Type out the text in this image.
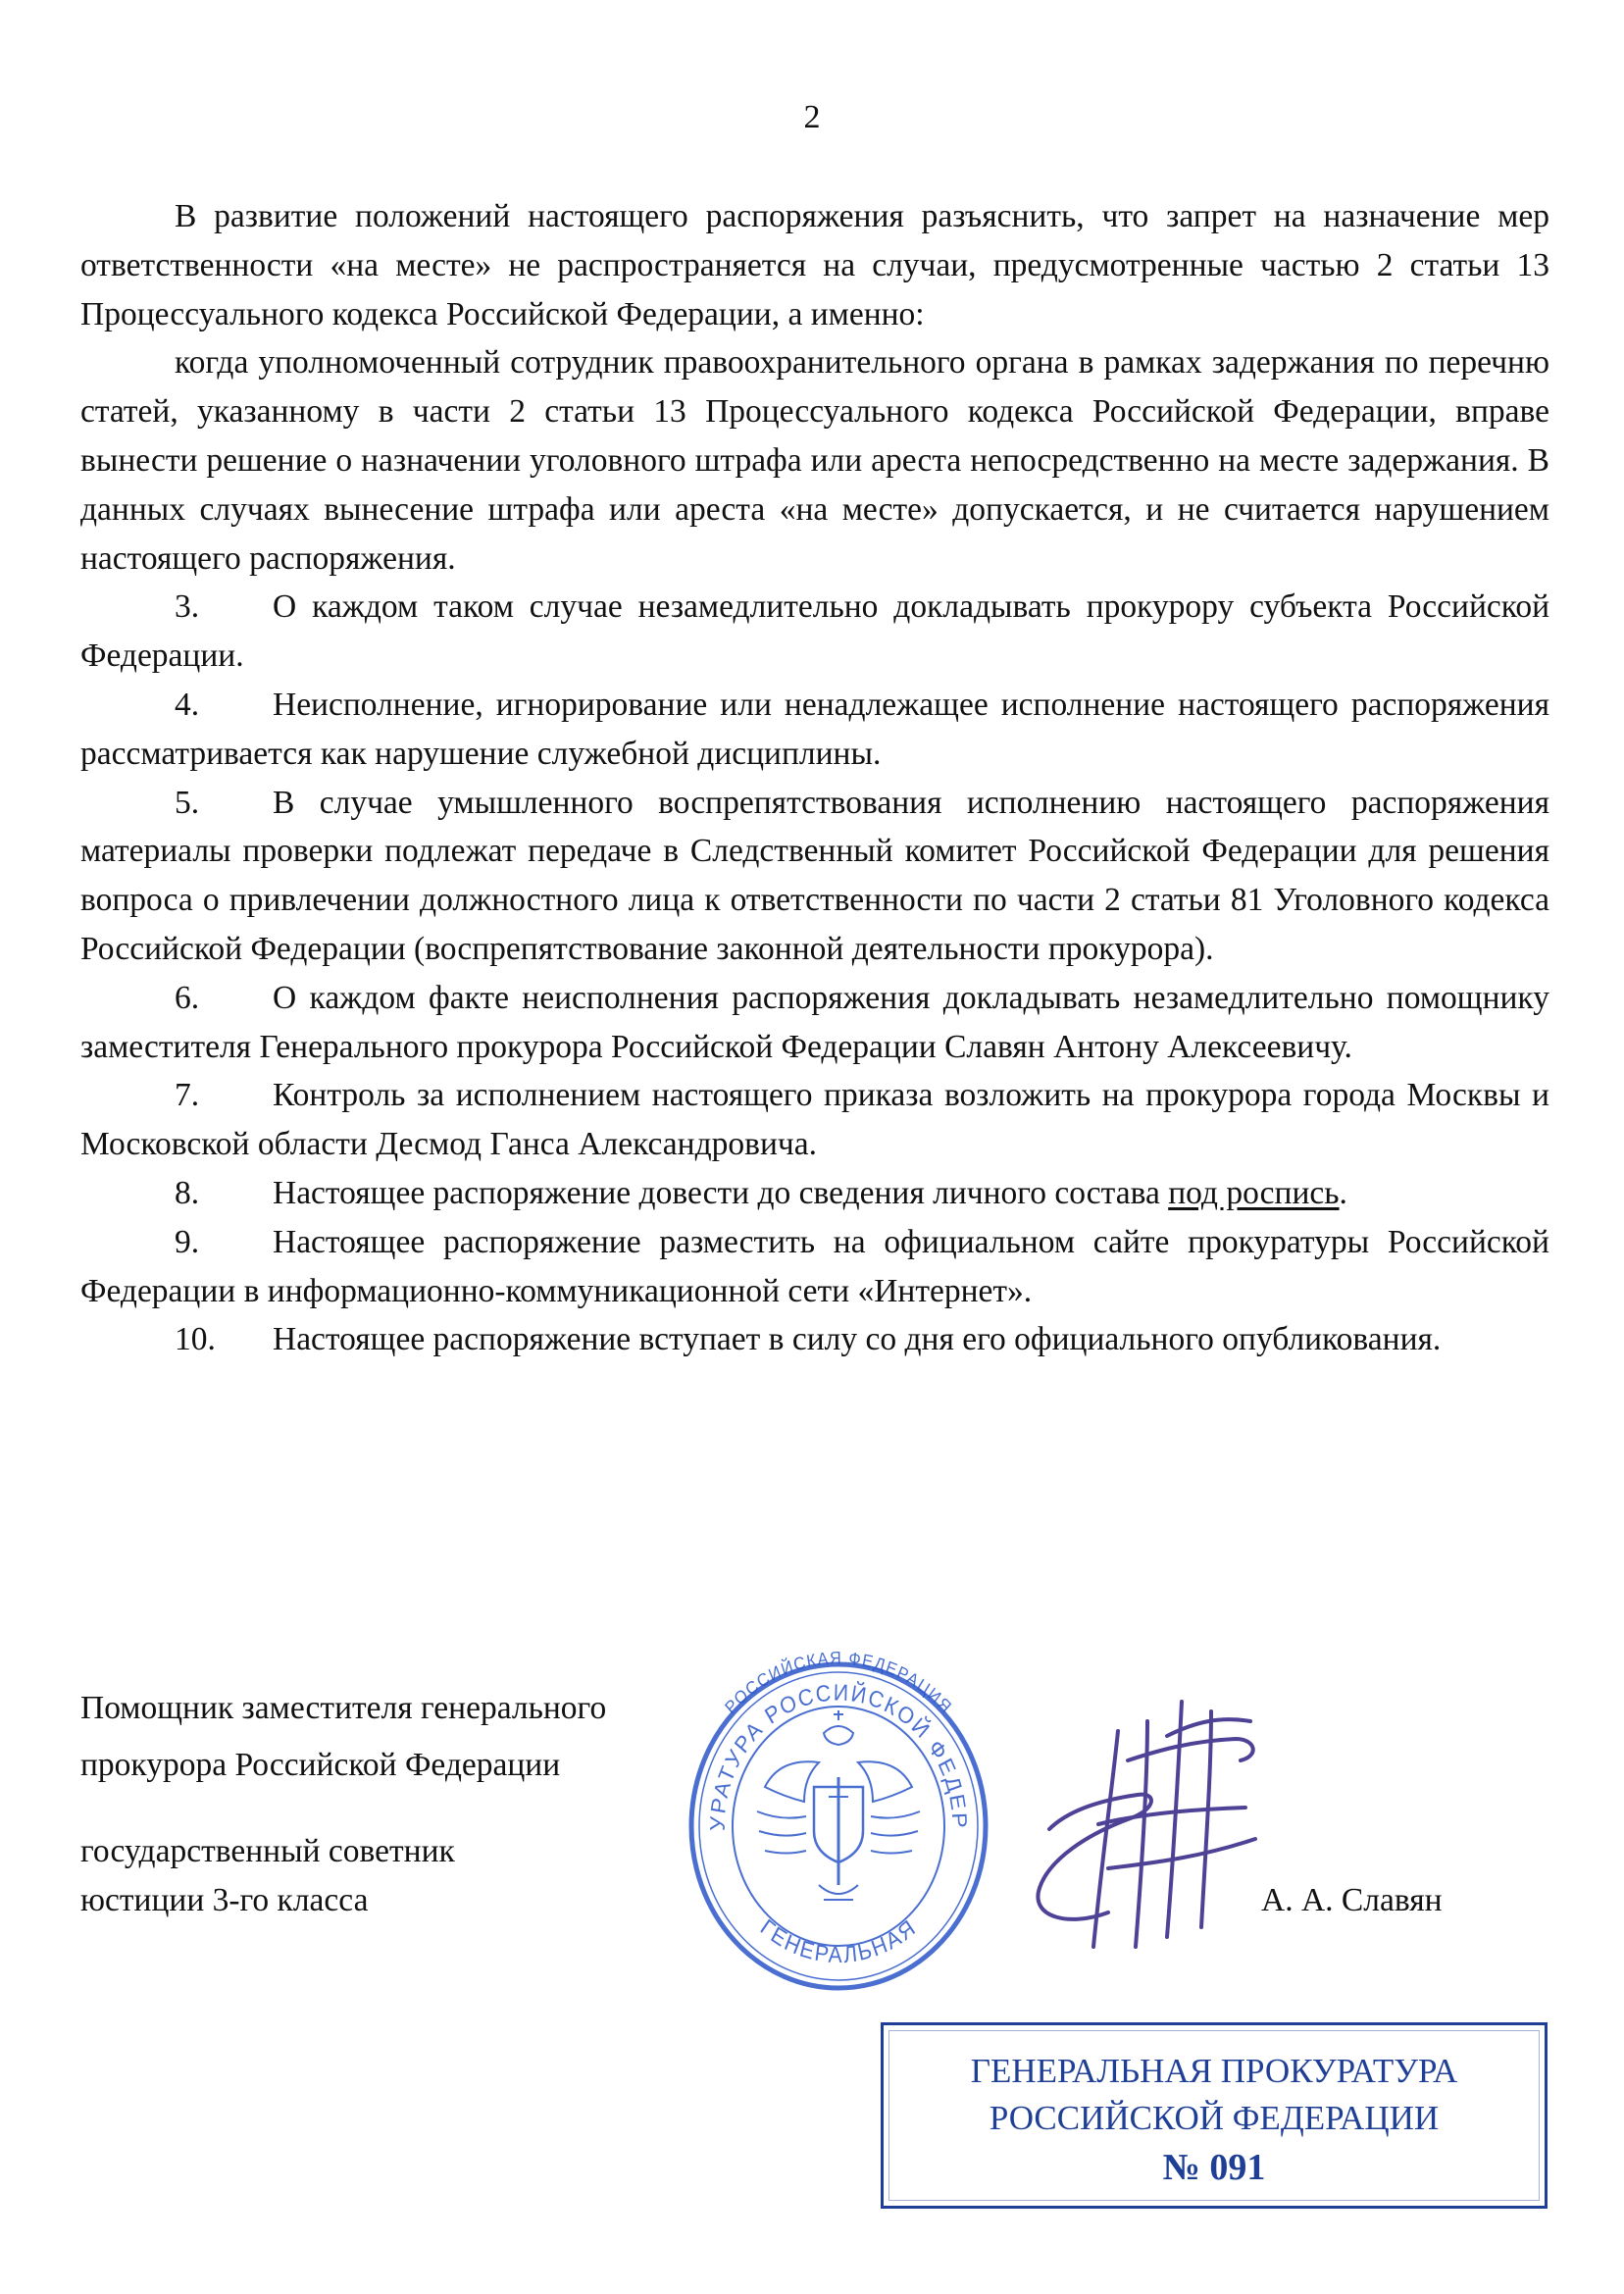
2

В развитие положений настоящего распоряжения разъяснить, что запрет на назначение мер ответственности «на месте» не распространяется на случаи, предусмотренные частью 2 статьи 13 Процессуального кодекса Российской Федерации, а именно:

когда уполномоченный сотрудник правоохранительного органа в рамках задержания по перечню статей, указанному в части 2 статьи 13 Процессуального кодекса Российской Федерации, вправе вынести решение о назначении уголовного штрафа или ареста непосредственно на месте задержания. В данных случаях вынесение штрафа или ареста «на месте» допускается, и не считается нарушением настоящего распоряжения.

3. О каждом таком случае незамедлительно докладывать прокурору субъекта Российской Федерации.

4. Неисполнение, игнорирование или ненадлежащее исполнение настоящего распоряжения рассматривается как нарушение служебной дисциплины.

5. В случае умышленного воспрепятствования исполнению настоящего распоряжения материалы проверки подлежат передаче в Следственный комитет Российской Федерации для решения вопроса о привлечении должностного лица к ответственности по части 2 статьи 81 Уголовного кодекса Российской Федерации (воспрепятствование законной деятельности прокурора).

6. О каждом факте неисполнения распоряжения докладывать незамедлительно помощнику заместителя Генерального прокурора Российской Федерации Славян Антону Алексеевичу.

7. Контроль за исполнением настоящего приказа возложить на прокурора города Москвы и Московской области Десмод Ганса Александровича.

8. Настоящее распоряжение довести до сведения личного состава под роспись.

9. Настоящее распоряжение разместить на официальном сайте прокуратуры Российской Федерации в информационно-коммуникационной сети «Интернет».

10. Настоящее распоряжение вступает в силу со дня его официального опубликования.

Помощник заместителя генерального
прокурора Российской Федерации
государственный советник
юстиции 3-го класса	А. А. Славян
РОССИЙСКАЯ ФЕДЕРАЦИЯ
УРАТУРА РОССИЙСКОЙ ФЕДЕР
ГЕНЕРАЛЬНАЯ
ГЕНЕРАЛЬНАЯ ПРОКУРАТУРА
РОССИЙСКОЙ ФЕДЕРАЦИИ
№ 091
